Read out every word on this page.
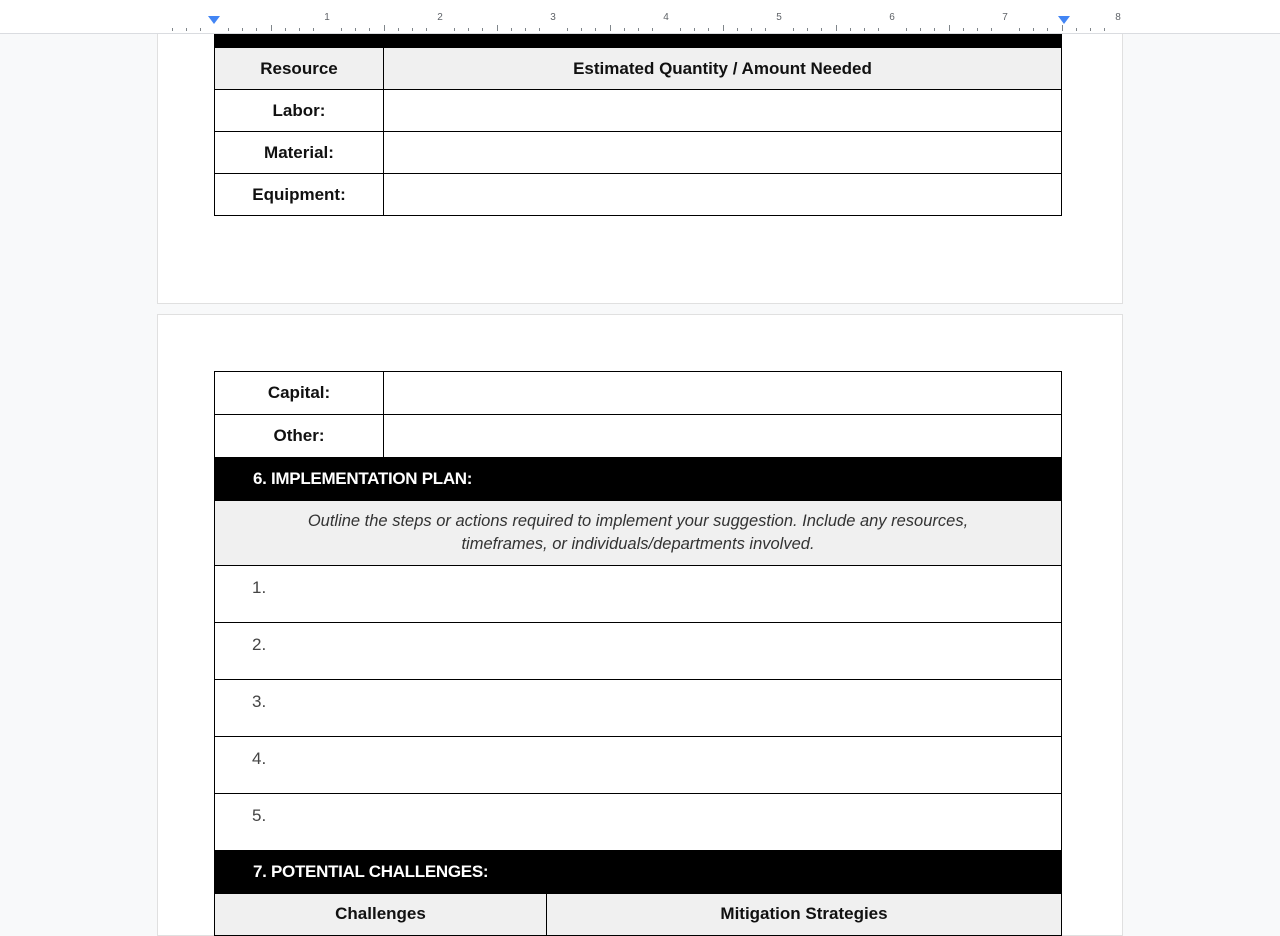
1	2	3	4	5	6	7	8

Resource	Estimated Quantity / Amount Needed
Labor:	
Material:	
Equipment:	
Capital:	
Other:	
6. IMPLEMENTATION PLAN:	
Outline the steps or actions required to implement your suggestion. Include any resources, timeframes, or individuals/departments involved.	
1.	
2.	
3.	
4.	
5.	
7. POTENTIAL CHALLENGES:	
Challenges	Mitigation Strategies
